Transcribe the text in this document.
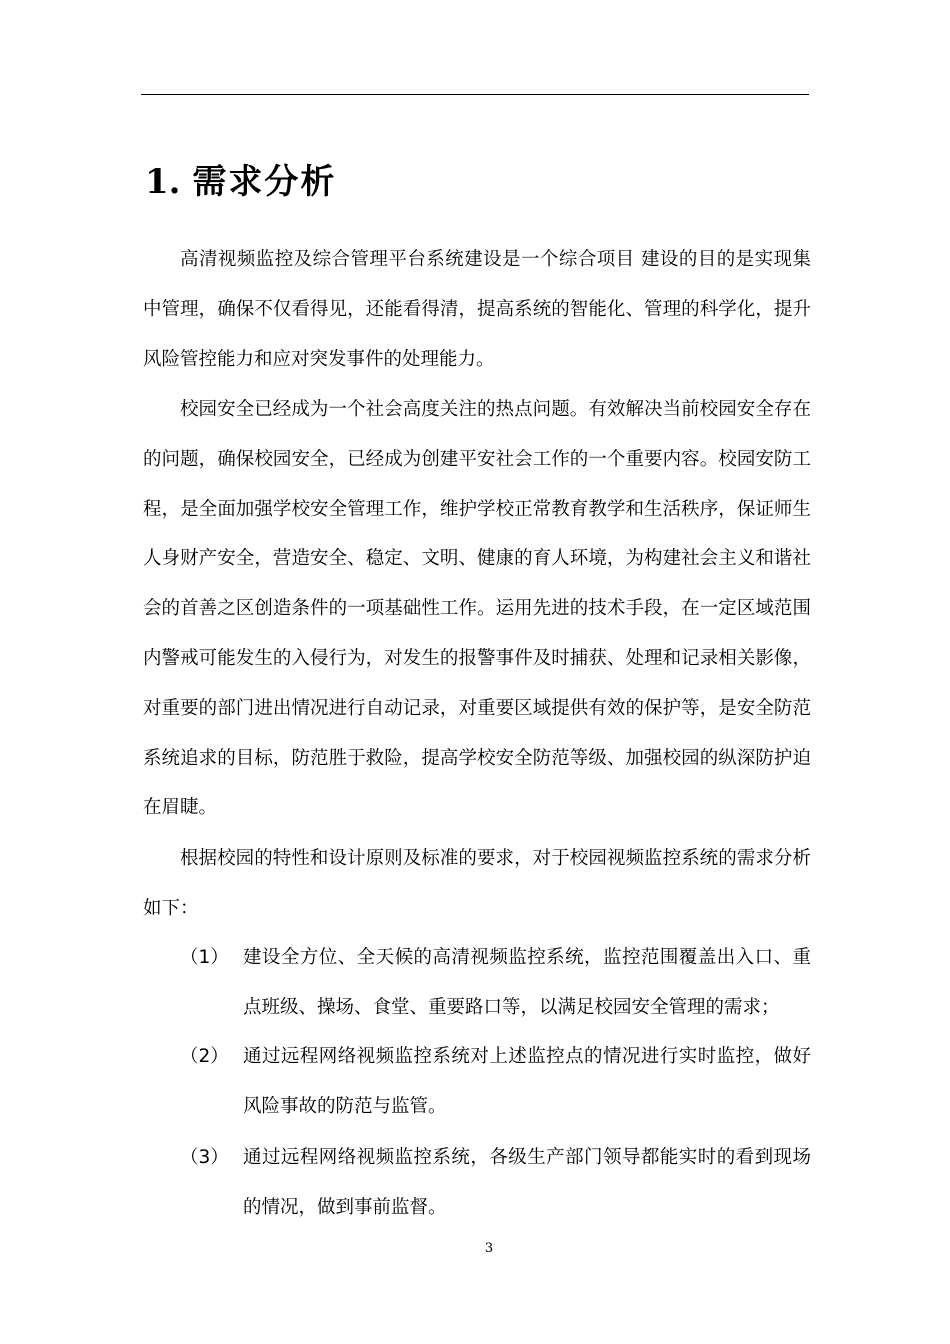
1. 需求分析

高清视频监控及综合管理平台系统建设是一个综合项目 建设的目的是实现集中管理，确保不仅看得见，还能看得清，提高系统的智能化、管理的科学化，提升风险管控能力和应对突发事件的处理能力。

校园安全已经成为一个社会高度关注的热点问题。有效解决当前校园安全存在的问题，确保校园安全，已经成为创建平安社会工作的一个重要内容。校园安防工程，是全面加强学校安全管理工作，维护学校正常教育教学和生活秩序，保证师生人身财产安全，营造安全、稳定、文明、健康的育人环境，为构建社会主义和谐社会的首善之区创造条件的一项基础性工作。运用先进的技术手段，在一定区域范围内警戒可能发生的入侵行为，对发生的报警事件及时捕获、处理和记录相关影像，对重要的部门进出情况进行自动记录，对重要区域提供有效的保护等，是安全防范系统追求的目标，防范胜于救险，提高学校安全防范等级、加强校园的纵深防护迫在眉睫。

根据校园的特性和设计原则及标准的要求，对于校园视频监控系统的需求分析如下：

（1） 建设全方位、全天候的高清视频监控系统，监控范围覆盖出入口、重点班级、操场、食堂、重要路口等，以满足校园安全管理的需求；
（2） 通过远程网络视频监控系统对上述监控点的情况进行实时监控，做好风险事故的防范与监管。
（3） 通过远程网络视频监控系统，各级生产部门领导都能实时的看到现场的情况，做到事前监督。
3
